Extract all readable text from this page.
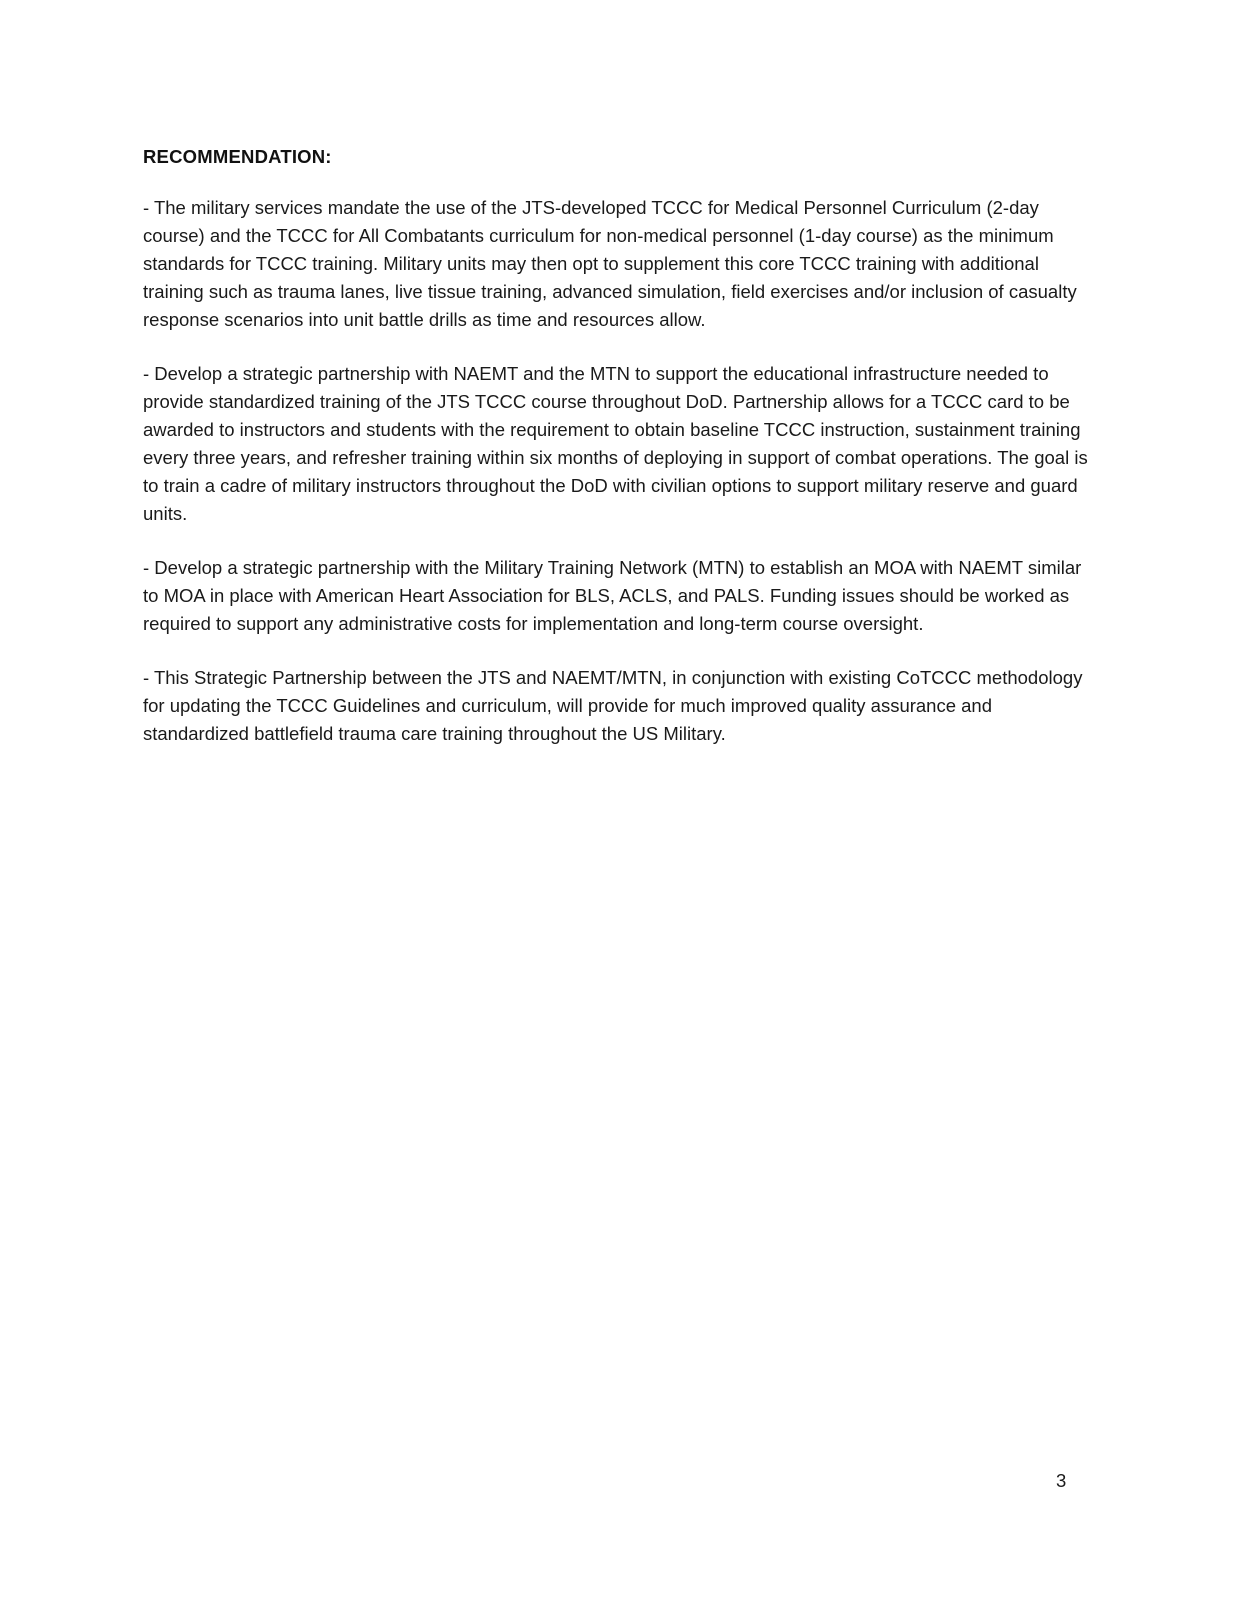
RECOMMENDATION:

- The military services mandate the use of the JTS-developed TCCC for Medical Personnel Curriculum (2-day course) and the TCCC for All Combatants curriculum for non-medical personnel (1-day course) as the minimum standards for TCCC training. Military units may then opt to supplement this core TCCC training with additional training such as trauma lanes, live tissue training, advanced simulation, field exercises and/or inclusion of casualty response scenarios into unit battle drills as time and resources allow.

- Develop a strategic partnership with NAEMT and the MTN to support the educational infrastructure needed to provide standardized training of the JTS TCCC course throughout DoD. Partnership allows for a TCCC card to be awarded to instructors and students with the requirement to obtain baseline TCCC instruction, sustainment training every three years, and refresher training within six months of deploying in support of combat operations. The goal is to train a cadre of military instructors throughout the DoD with civilian options to support military reserve and guard units.

- Develop a strategic partnership with the Military Training Network (MTN) to establish an MOA with NAEMT similar to MOA in place with American Heart Association for BLS, ACLS, and PALS. Funding issues should be worked as required to support any administrative costs for implementation and long-term course oversight.

- This Strategic Partnership between the JTS and NAEMT/MTN, in conjunction with existing CoTCCC methodology for updating the TCCC Guidelines and curriculum, will provide for much improved quality assurance and standardized battlefield trauma care training throughout the US Military.

3
